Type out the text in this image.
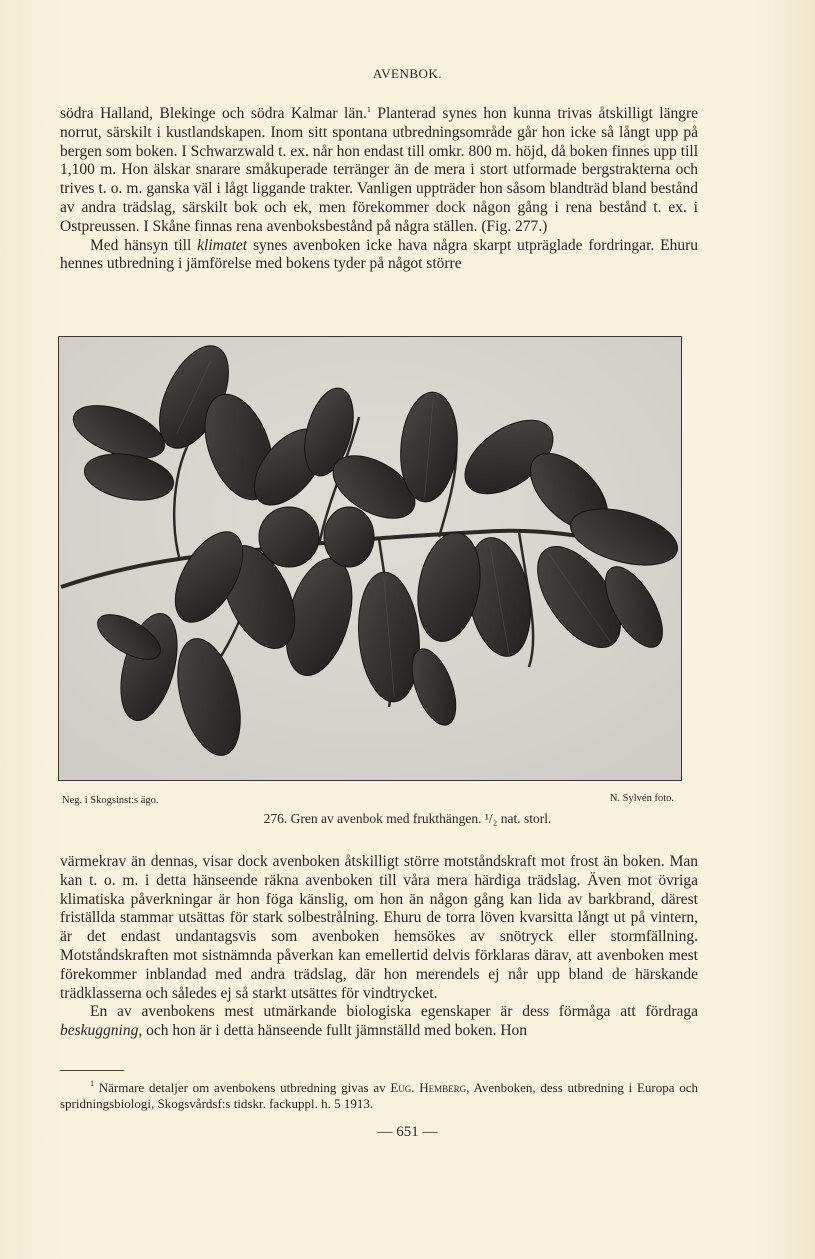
AVENBOK.

södra Halland, Blekinge och södra Kalmar län.$^1$ Planterad synes hon kunna trivas åtskilligt längre norrut, särskilt i kustlandskapen. Inom sitt spontana utbredningsområde går hon icke så långt upp på bergen som boken. I Schwarzwald t. ex. når hon endast till omkr. 800 m. höjd, då boken finnes upp till 1,100 m. Hon älskar snarare småkuperade terränger än de mera i stort utformade bergstrakterna och trives t. o. m. ganska väl i lågt liggande trakter. Vanligen uppträder hon såsom blandträd bland bestånd av andra trädslag, särskilt bok och ek, men förekommer dock någon gång i rena bestånd t. ex. i Ostpreussen. I Skåne finnas rena avenboksbestånd på några ställen. (Fig. 277.)

Med hänsyn till klimatet synes avenboken icke hava några skarpt utpräglade fordringar. Ehuru hennes utbredning i jämförelse med bokens tyder på något större

Neg. i Skogsinst:s ägo.	N. Sylvén foto.
276. Gren av avenbok med frukthängen. ¹/₂ nat. storl.

värmekrav än dennas, visar dock avenboken åtskilligt större motståndskraft mot frost än boken. Man kan t. o. m. i detta hänseende räkna avenboken till våra mera härdiga trädslag. Även mot övriga klimatiska påverkningar är hon föga känslig, om hon än någon gång kan lida av barkbrand, därest friställda stammar utsättas för stark solbestrålning. Ehuru de torra löven kvarsitta långt ut på vintern, är det endast undantagsvis som avenboken hemsökes av snötryck eller stormfällning. Motståndskraften mot sistnämnda påverkan kan emellertid delvis förklaras därav, att avenboken mest förekommer inblandad med andra trädslag, där hon merendels ej når upp bland de härskande trädklasserna och således ej så starkt utsättes för vindtrycket.

En av avenbokens mest utmärkande biologiska egenskaper är dess förmåga att fördraga beskuggning, och hon är i detta hänseende fullt jämnställd med boken. Hon

$^1$ Närmare detaljer om avenbokens utbredning givas av Eug. Hemberg, Avenboken, dess utbredning i Europa och spridningsbiologi, Skogsvårdsf:s tidskr. fackuppl. h. 5 1913.
— 651 —
